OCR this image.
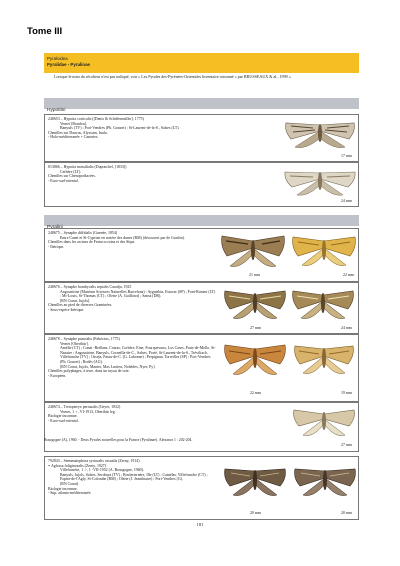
Tome III
Pyraloidea
Pyralidae - Pyralinae
Lorsque le nom du récolteur n'est pas indiqué, voir « Les Pyrales des-Pyrénées-Orientales Inventaire raisonné » par BRUSSEAUX & al., 1999 ».
Hypotiini
248653 – Hypotia corticalis ([Denis & Schiffermüller], 1775)
Vernet [Rondou].
Banyuls (TV) ; Port-Vendres (Ph. Gonzet) ; St-Laurent-de-la-S., Salses (LT).
Chenilles sur Daucus, Alyssum, Inula.
- Holo-méditerranée + Canaries.
17 mm
813866 – Hypotia massilialis (Duponchel, [1833])
Cerbère (LT).
Chenilles sur Chenopodiacées.
- Euro-sud-oriental.
24 mm
248675 – Synaphe diffidalis (Guenée, 1854)
Entre Canet et St-Cyprien en arrière des dunes (RM) (découvert par de Graslin).
Chenilles dans les racines de Festuca ovina et des Stipa.
- Ibérique.
21 mm	22 mm
248676 – Synaphe bombycalis septalis Caradja, 1925
Angoustrine (Muséum Sciences Naturelles Barcelona) ; Aygatebia, Estavar (SP) ; Font-Romeu (LT) ; Mt-Louis, St-Thomas (CT) ; Olette (A. Guillotot) ; Sansa (DB).
[RN Conat, Jujols].
Chenilles au pied de diverses Graminées.
- Sous-espèce ibérique.
27 mm	24 mm
248678 – Synaphe punctalis (Fabricius, 1775)
Vernet [Oberthür].
Amélie (CT) ; Conat -Betllans, Caixas, Corbère, Eine, Fourquevaux, Los Cases, Prats-de-Mollo, St-Nazaire ; Angoustrine, Banyuls, Corneilla-de-C., Salses, Portè, St-Laurent-de-la-S., Tréviliach, Villefranche (TV) ; Osséja, Patau-de-C. (G. Labonne) ; Perpignan, Torreilles (SP) ; Port-Vendres (Ph. Gonzet) ; Rodès (AG).
[RN Conat, Jujols, Mantet, Mas Larrieu, Nohèdes, Nyer, Py].
Chenilles polyphages, à terre, dans un tuyau de soie.
- Européen.
22 mm	19 mm
248674 – Tretopteryx pertusalis (Geyer, 1832)
Vernet, 1 ♀, VI-1913, Oberthür leg.
Biologie inconnue.
- Euro-sud-oriental.
27 mm
Bourgogne (A), 1960. - Deux Pyrales nouvelles pour la France (Pyralinae). Alexanor 1 : 202-204.
792843 – Stemmatophora syriacalis ossualis (Zerny, 1914)
= Aglossa fuliginosalis (Zerny, 1927)
Villefranche, 1 ♂, 1 -VII-1952 (A. Bourgogne, 1960).
Banyuls, Jujols, Salses, Serdinya (TV) ; Boulerternère, Ille (LT) ; Camélas, Villefranche (CT) ; Espira-de-l'Agly, St-Colombe (RM) ; Olette (J. Jeanthiaire) ; Port-Vendres (G).
[RN Conat].
Biologie inconnue.
- Sup. atlanto-méditerranée.
20 mm	20 mm
181
